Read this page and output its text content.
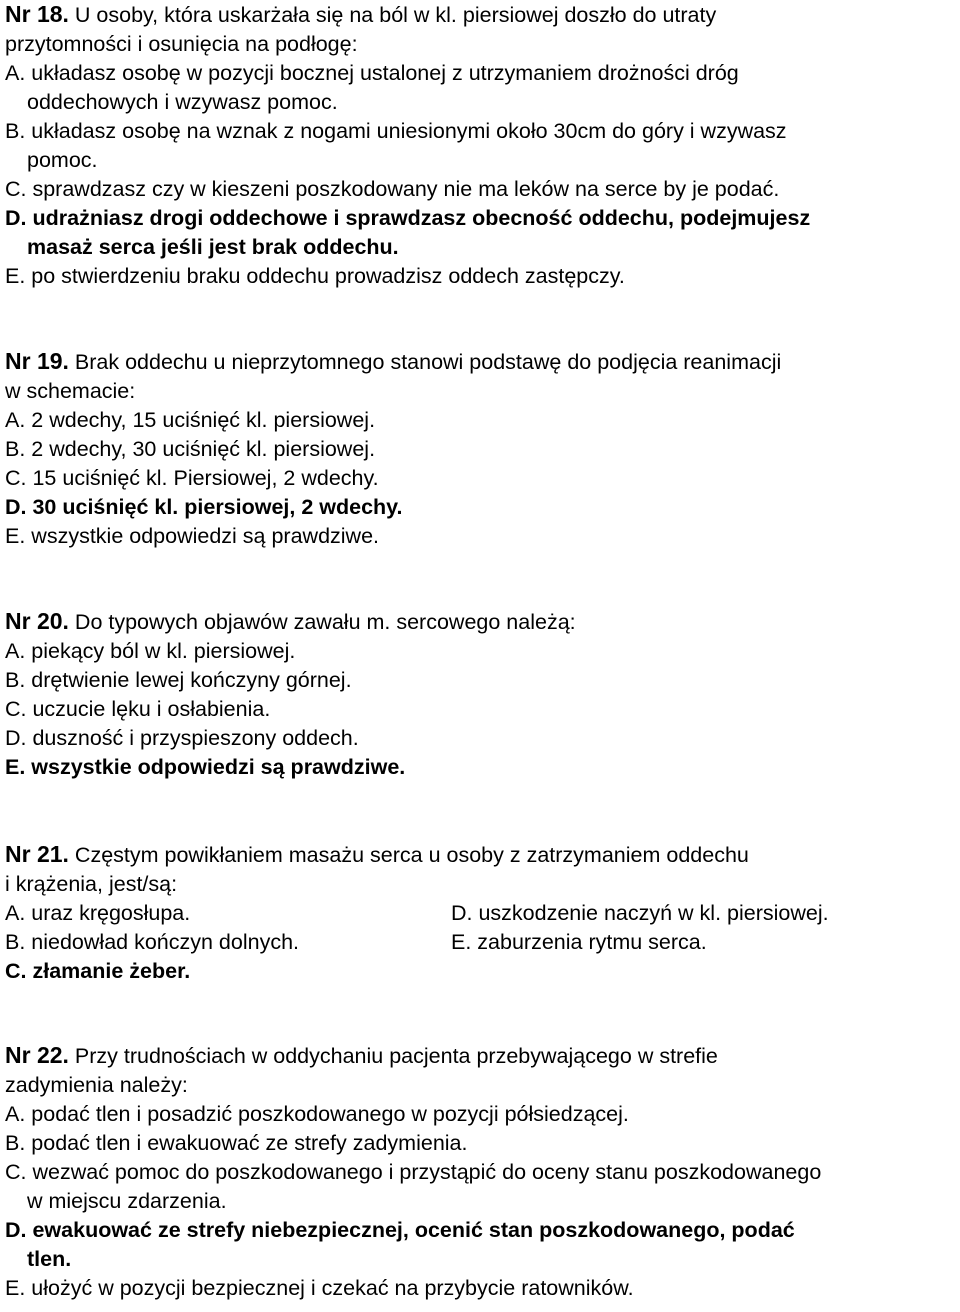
Nr 18. U osoby, która uskarżała się na ból w kl. piersiowej doszło do utraty

przytomności i osunięcia na podłogę:

A. układasz osobę w pozycji bocznej ustalonej z utrzymaniem drożności dróg

oddechowych i wzywasz pomoc.

B. układasz osobę na wznak z nogami uniesionymi około 30cm do góry i wzywasz

pomoc.

C. sprawdzasz czy w kieszeni poszkodowany nie ma leków na serce by je podać.

D. udrażniasz drogi oddechowe i sprawdzasz obecność oddechu, podejmujesz

masaż serca jeśli jest brak oddechu.

E. po stwierdzeniu braku oddechu prowadzisz oddech zastępczy.

Nr 19. Brak oddechu u nieprzytomnego stanowi podstawę do podjęcia reanimacji

w schemacie:

A. 2 wdechy, 15 uciśnięć kl. piersiowej.

B. 2 wdechy, 30 uciśnięć kl. piersiowej.

C. 15 uciśnięć kl. Piersiowej, 2 wdechy.

D. 30 uciśnięć kl. piersiowej, 2 wdechy.

E. wszystkie odpowiedzi są prawdziwe.

Nr 20. Do typowych objawów zawału m. sercowego należą:

A. piekący ból w kl. piersiowej.

B. drętwienie lewej kończyny górnej.

C. uczucie lęku i osłabienia.

D. duszność i przyspieszony oddech.

E. wszystkie odpowiedzi są prawdziwe.

Nr 21. Częstym powikłaniem masażu serca u osoby z zatrzymaniem oddechu

i krążenia, jest/są:

A. uraz kręgosłupa.	D. uszkodzenie naczyń w kl. piersiowej.
B. niedowład kończyn dolnych.	E. zaburzenia rytmu serca.

C. złamanie żeber.

Nr 22. Przy trudnościach w oddychaniu pacjenta przebywającego w strefie

zadymienia należy:

A. podać tlen i posadzić poszkodowanego w pozycji półsiedzącej.

B. podać tlen i ewakuować ze strefy zadymienia.

C. wezwać pomoc do poszkodowanego i przystąpić do oceny stanu poszkodowanego

w miejscu zdarzenia.

D. ewakuować ze strefy niebezpiecznej, ocenić stan poszkodowanego, podać

tlen.

E. ułożyć w pozycji bezpiecznej i czekać na przybycie ratowników.
